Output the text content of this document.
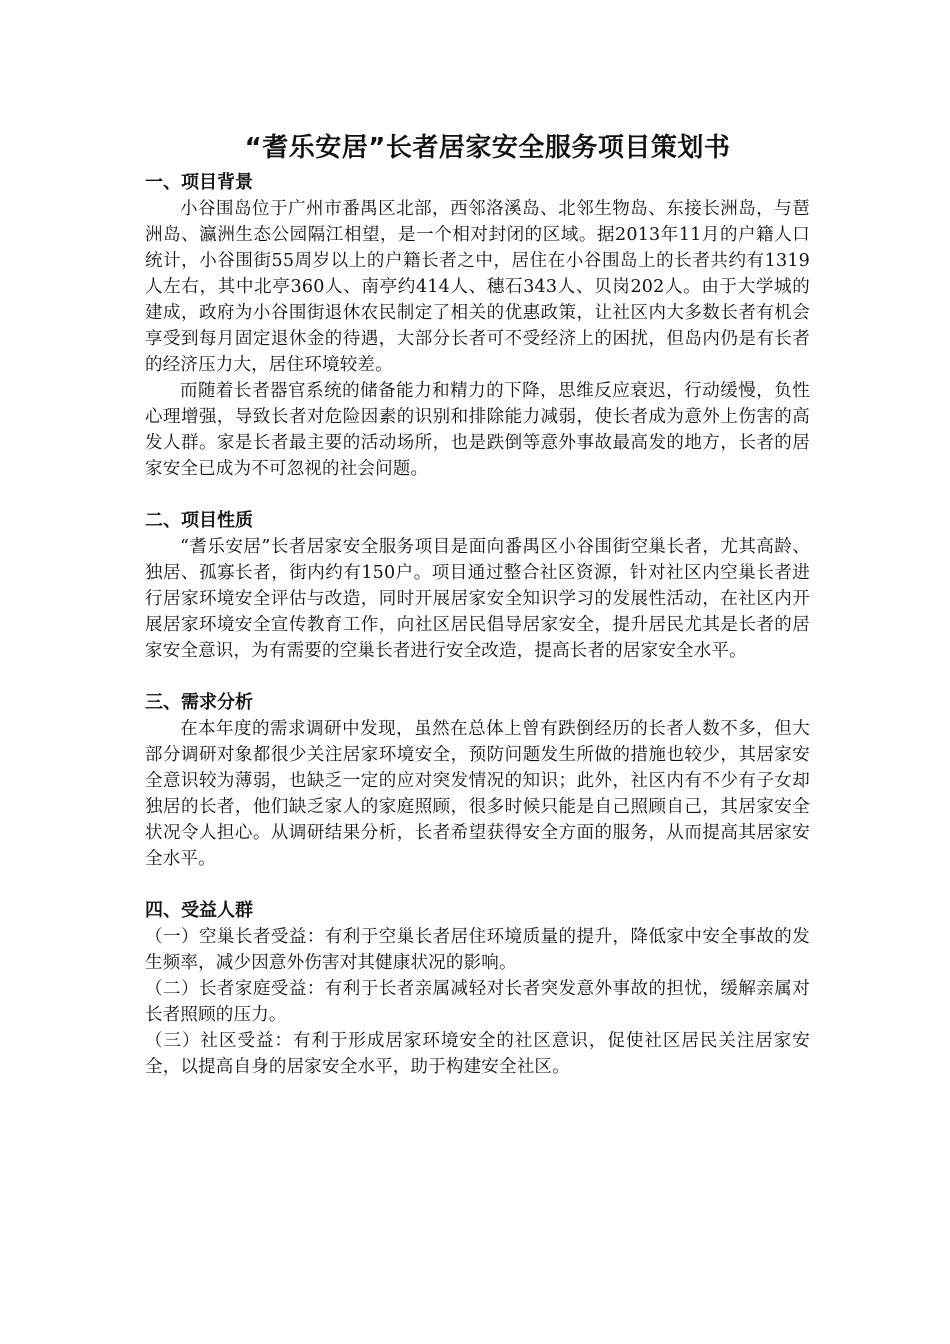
“耆乐安居”长者居家安全服务项目策划书
一、项目背景

小谷围岛位于广州市番禺区北部，西邻洛溪岛、北邻生物岛、东接长洲岛，与琶洲岛、瀛洲生态公园隔江相望，是一个相对封闭的区域。据2013年11月的户籍人口统计，小谷围街55周岁以上的户籍长者之中，居住在小谷围岛上的长者共约有1319人左右，其中北亭360人、南亭约414人、穗石343人、贝岗202人。由于大学城的建成，政府为小谷围街退休农民制定了相关的优惠政策，让社区内大多数长者有机会享受到每月固定退休金的待遇，大部分长者可不受经济上的困扰，但岛内仍是有长者的经济压力大，居住环境较差。

而随着长者器官系统的储备能力和精力的下降，思维反应衰迟，行动缓慢，负性心理增强，导致长者对危险因素的识别和排除能力减弱，使长者成为意外上伤害的高发人群。家是长者最主要的活动场所，也是跌倒等意外事故最高发的地方，长者的居家安全已成为不可忽视的社会问题。

二、项目性质

“耆乐安居”长者居家安全服务项目是面向番禺区小谷围街空巢长者，尤其高龄、独居、孤寡长者，街内约有150户。项目通过整合社区资源，针对社区内空巢长者进行居家环境安全评估与改造，同时开展居家安全知识学习的发展性活动，在社区内开展居家环境安全宣传教育工作，向社区居民倡导居家安全，提升居民尤其是长者的居家安全意识，为有需要的空巢长者进行安全改造，提高长者的居家安全水平。

三、需求分析

在本年度的需求调研中发现，虽然在总体上曾有跌倒经历的长者人数不多，但大部分调研对象都很少关注居家环境安全，预防问题发生所做的措施也较少，其居家安全意识较为薄弱，也缺乏一定的应对突发情况的知识；此外，社区内有不少有子女却独居的长者，他们缺乏家人的家庭照顾，很多时候只能是自己照顾自己，其居家安全状况令人担心。从调研结果分析，长者希望获得安全方面的服务，从而提高其居家安全水平。

四、受益人群

（一）空巢长者受益：有利于空巢长者居住环境质量的提升，降低家中安全事故的发生频率，减少因意外伤害对其健康状况的影响。

（二）长者家庭受益：有利于长者亲属减轻对长者突发意外事故的担忧，缓解亲属对长者照顾的压力。

（三）社区受益：有利于形成居家环境安全的社区意识，促使社区居民关注居家安全，以提高自身的居家安全水平，助于构建安全社区。
